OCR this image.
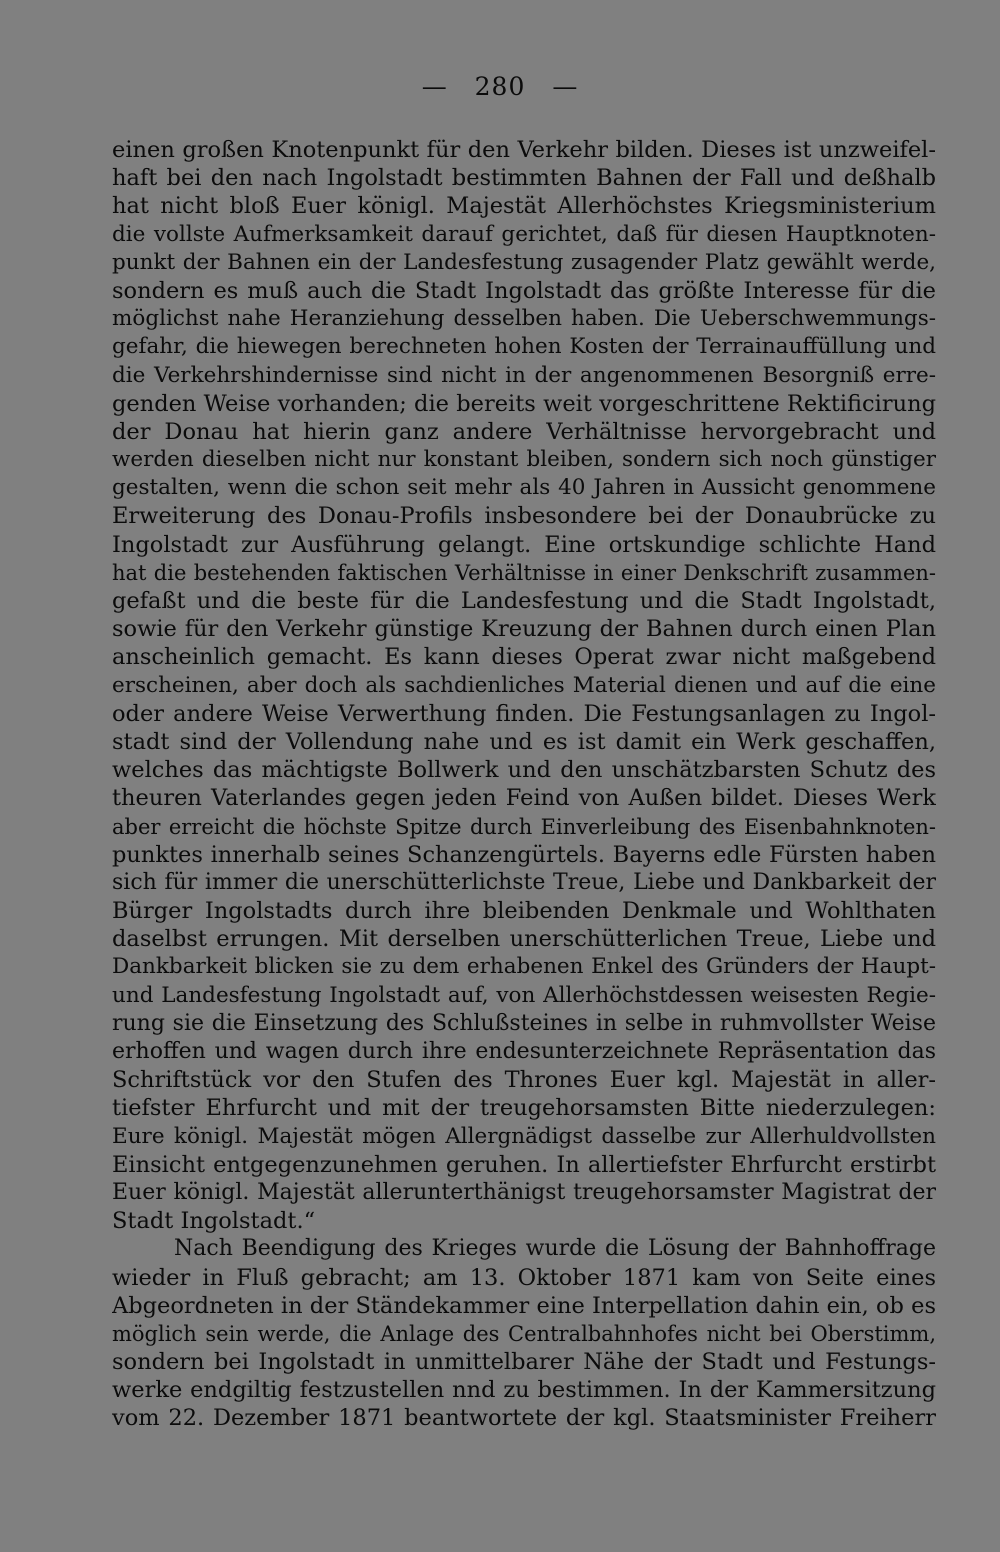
— 280 —
einen großen Knotenpunkt für den Verkehr bilden. Dieses ist unzweifel-
haft bei den nach Ingolstadt bestimmten Bahnen der Fall und deßhalb
hat nicht bloß Euer königl. Majestät Allerhöchstes Kriegsministerium
die vollste Aufmerksamkeit darauf gerichtet, daß für diesen Hauptknoten-
punkt der Bahnen ein der Landesfestung zusagender Platz gewählt werde,
sondern es muß auch die Stadt Ingolstadt das größte Interesse für die
möglichst nahe Heranziehung desselben haben. Die Ueberschwemmungs-
gefahr, die hiewegen berechneten hohen Kosten der Terrainauffüllung und
die Verkehrshindernisse sind nicht in der angenommenen Besorgniß erre-
genden Weise vorhanden; die bereits weit vorgeschrittene Rektificirung
der Donau hat hierin ganz andere Verhältnisse hervorgebracht und
werden dieselben nicht nur konstant bleiben, sondern sich noch günstiger
gestalten, wenn die schon seit mehr als 40 Jahren in Aussicht genommene
Erweiterung des Donau-Profils insbesondere bei der Donaubrücke zu
Ingolstadt zur Ausführung gelangt. Eine ortskundige schlichte Hand
hat die bestehenden faktischen Verhältnisse in einer Denkschrift zusammen-
gefaßt und die beste für die Landesfestung und die Stadt Ingolstadt,
sowie für den Verkehr günstige Kreuzung der Bahnen durch einen Plan
anscheinlich gemacht. Es kann dieses Operat zwar nicht maßgebend
erscheinen, aber doch als sachdienliches Material dienen und auf die eine
oder andere Weise Verwerthung finden. Die Festungsanlagen zu Ingol-
stadt sind der Vollendung nahe und es ist damit ein Werk geschaffen,
welches das mächtigste Bollwerk und den unschätzbarsten Schutz des
theuren Vaterlandes gegen jeden Feind von Außen bildet. Dieses Werk
aber erreicht die höchste Spitze durch Einverleibung des Eisenbahnknoten-
punktes innerhalb seines Schanzengürtels. Bayerns edle Fürsten haben
sich für immer die unerschütterlichste Treue, Liebe und Dankbarkeit der
Bürger Ingolstadts durch ihre bleibenden Denkmale und Wohlthaten
daselbst errungen. Mit derselben unerschütterlichen Treue, Liebe und
Dankbarkeit blicken sie zu dem erhabenen Enkel des Gründers der Haupt-
und Landesfestung Ingolstadt auf, von Allerhöchstdessen weisesten Regie-
rung sie die Einsetzung des Schlußsteines in selbe in ruhmvollster Weise
erhoffen und wagen durch ihre endesunterzeichnete Repräsentation das
Schriftstück vor den Stufen des Thrones Euer kgl. Majestät in aller-
tiefster Ehrfurcht und mit der treugehorsamsten Bitte niederzulegen:
Eure königl. Majestät mögen Allergnädigst dasselbe zur Allerhuldvollsten
Einsicht entgegenzunehmen geruhen. In allertiefster Ehrfurcht erstirbt
Euer königl. Majestät allerunterthänigst treugehorsamster Magistrat der
Stadt Ingolstadt.“
Nach Beendigung des Krieges wurde die Lösung der Bahnhoffrage
wieder in Fluß gebracht; am 13. Oktober 1871 kam von Seite eines
Abgeordneten in der Ständekammer eine Interpellation dahin ein, ob es
möglich sein werde, die Anlage des Centralbahnhofes nicht bei Oberstimm,
sondern bei Ingolstadt in unmittelbarer Nähe der Stadt und Festungs-
werke endgiltig festzustellen nnd zu bestimmen. In der Kammersitzung
vom 22. Dezember 1871 beantwortete der kgl. Staatsminister Freiherr
